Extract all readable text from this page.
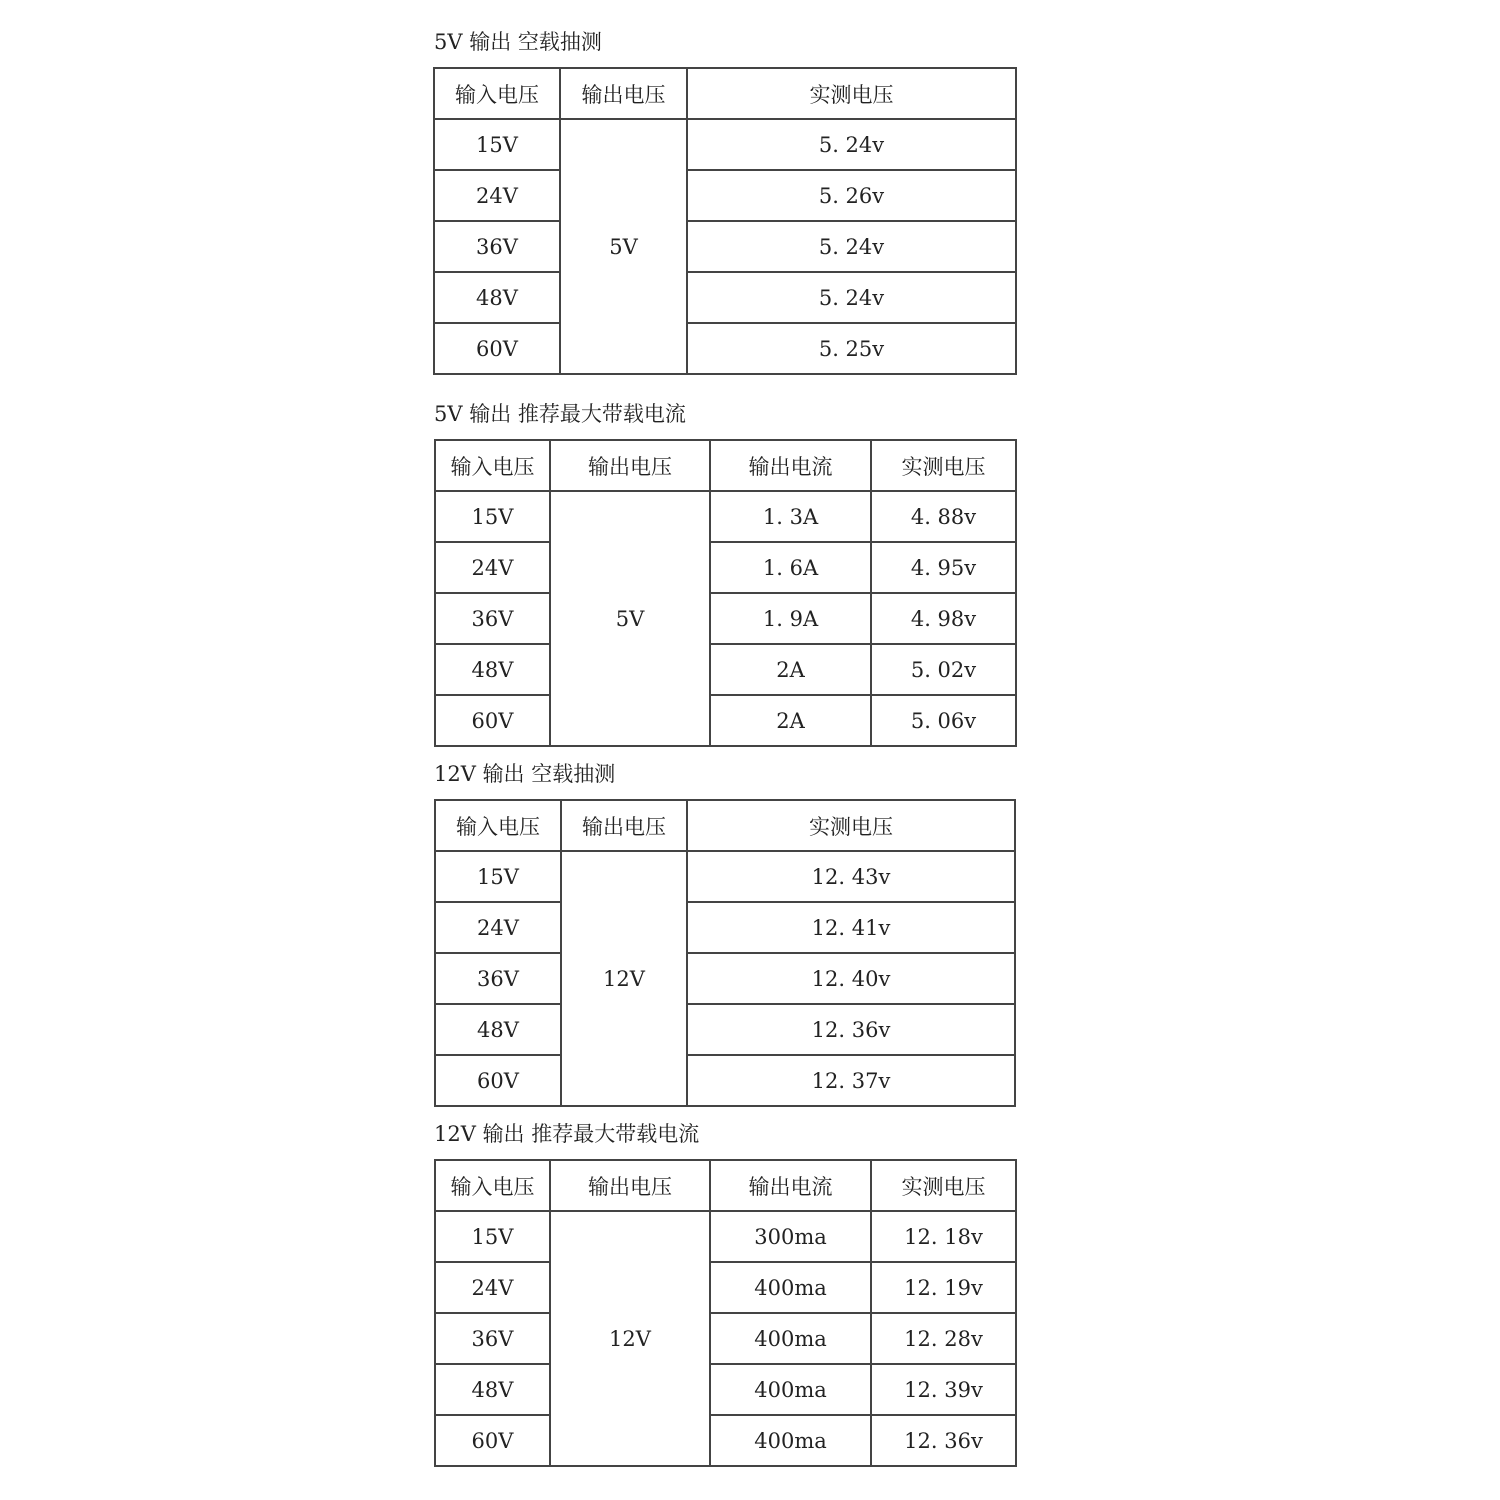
5V 输出 空载抽测
输入电压	输出电压	实测电压
15V	5V	5. 24v
24V		5. 26v
36V		5. 24v
48V		5. 24v
60V		5. 25v
5V 输出 推荐最大带载电流
输入电压	输出电压	输出电流	实测电压
15V	5V	1. 3A	4. 88v
24V		1. 6A	4. 95v
36V		1. 9A	4. 98v
48V		2A	5. 02v
60V		2A	5. 06v
12V 输出 空载抽测
输入电压	输出电压	实测电压
15V	12V	12. 43v
24V		12. 41v
36V		12. 40v
48V		12. 36v
60V		12. 37v
12V 输出 推荐最大带载电流
输入电压	输出电压	输出电流	实测电压
15V	12V	300ma	12. 18v
24V		400ma	12. 19v
36V		400ma	12. 28v
48V		400ma	12. 39v
60V		400ma	12. 36v
